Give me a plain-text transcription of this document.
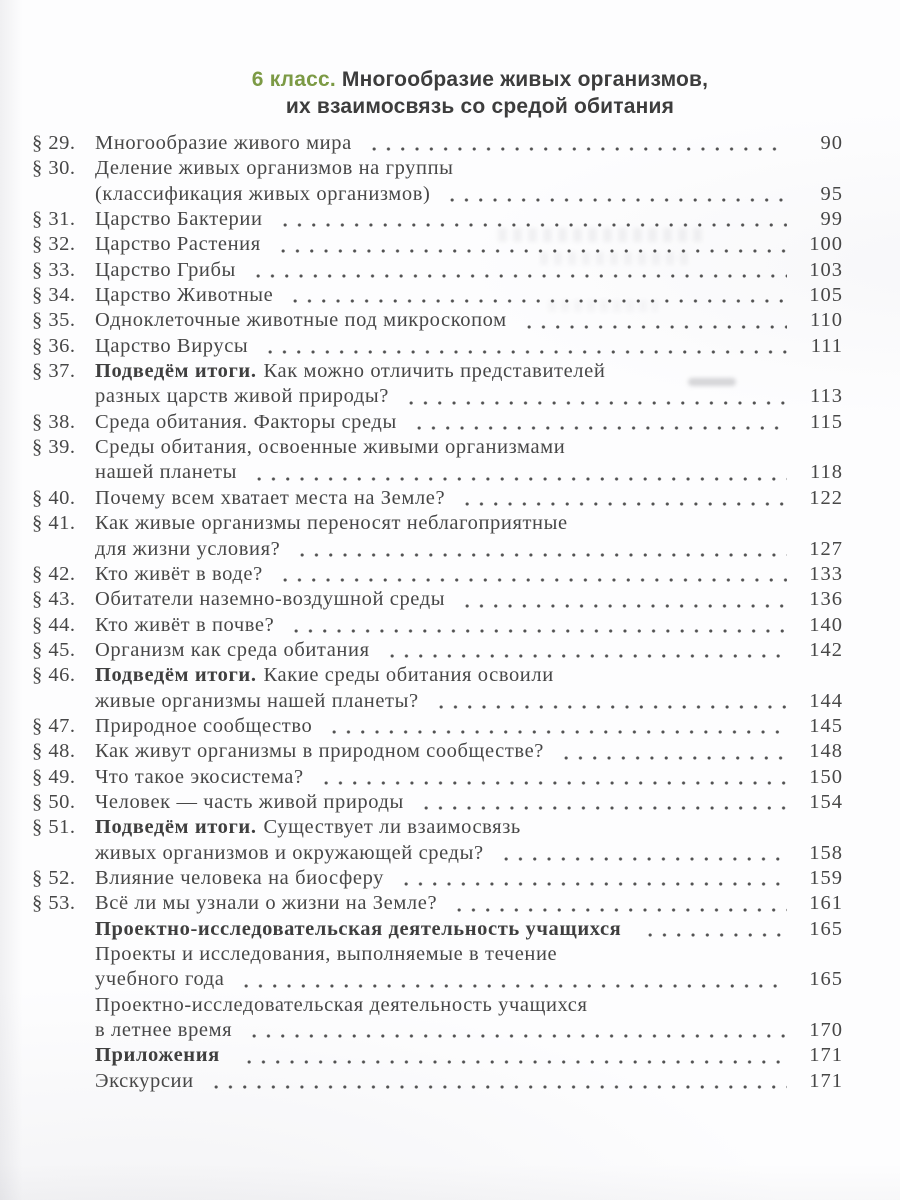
6 класс. Многообразие живых организмов,
их взаимосвязь со средой обитания
§ 29. Многообразие живого мира	90
§ 30. Деление живых организмов на группы
(классификация живых организмов)	95
§ 31. Царство Бактерии	99
§ 32. Царство Растения	100
§ 33. Царство Грибы	103
§ 34. Царство Животные	105
§ 35. Одноклеточные животные под микроскопом	110
§ 36. Царство Вирусы	111
§ 37. Подведём итоги. Как можно отличить представителей
разных царств живой природы?	113
§ 38. Среда обитания. Факторы среды	115
§ 39. Среды обитания, освоенные живыми организмами
нашей планеты	118
§ 40. Почему всем хватает места на Земле?	122
§ 41. Как живые организмы переносят неблагоприятные
для жизни условия?	127
§ 42. Кто живёт в воде?	133
§ 43. Обитатели наземно-воздушной среды	136
§ 44. Кто живёт в почве?	140
§ 45. Организм как среда обитания	142
§ 46. Подведём итоги. Какие среды обитания освоили
живые организмы нашей планеты?	144
§ 47. Природное сообщество	145
§ 48. Как живут организмы в природном сообществе?	148
§ 49. Что такое экосистема?	150
§ 50. Человек — часть живой природы	154
§ 51. Подведём итоги. Существует ли взаимосвязь
живых организмов и окружающей среды?	158
§ 52. Влияние человека на биосферу	159
§ 53. Всё ли мы узнали о жизни на Земле?	161
Проектно-исследовательская деятельность учащихся	165
Проекты и исследования, выполняемые в течение
учебного года	165
Проектно-исследовательская деятельность учащихся
в летнее время	170
Приложения	171
Экскурсии	171
